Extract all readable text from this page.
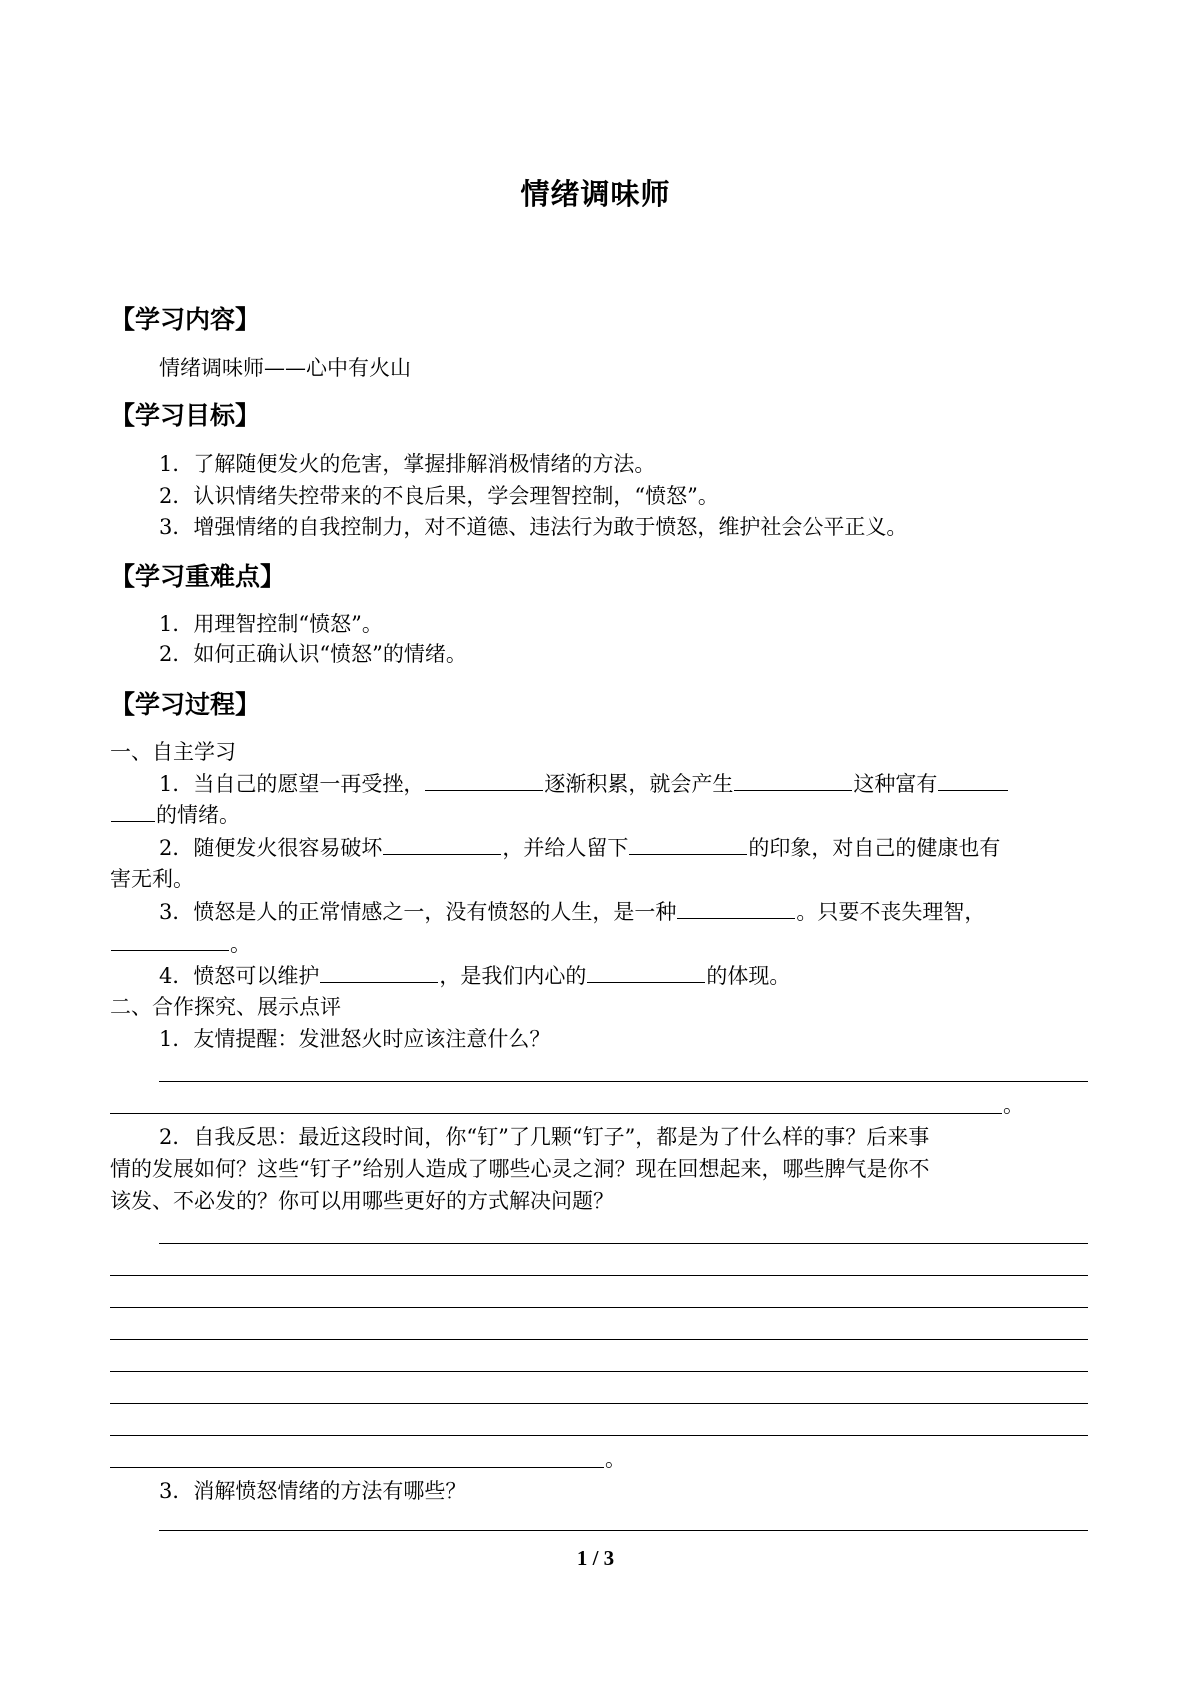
情绪调味师
【学习内容】
情绪调味师——心中有火山
【学习目标】
1．了解随便发火的危害，掌握排解消极情绪的方法。
2．认识情绪失控带来的不良后果，学会理智控制，“愤怒”。
3．增强情绪的自我控制力，对不道德、违法行为敢于愤怒，维护社会公平正义。
【学习重难点】
1．用理智控制“愤怒”。
2．如何正确认识“愤怒”的情绪。
【学习过程】
一、自主学习
1．当自己的愿望一再受挫，	逐渐积累，就会产生	这种富有
的情绪。
2．随便发火很容易破坏	，并给人留下	的印象，对自己的健康也有
害无利。
3．愤怒是人的正常情感之一，没有愤怒的人生，是一种	。只要不丧失理智，
。
4．愤怒可以维护	，是我们内心的	的体现。
二、合作探究、展示点评
1．友情提醒：发泄怒火时应该注意什么？
。
2．自我反思：最近这段时间，你“钉”了几颗“钉子”，都是为了什么样的事？后来事
情的发展如何？这些“钉子”给别人造成了哪些心灵之洞？现在回想起来，哪些脾气是你不
该发、不必发的？你可以用哪些更好的方式解决问题？
。
3．消解愤怒情绪的方法有哪些？
1 / 3
